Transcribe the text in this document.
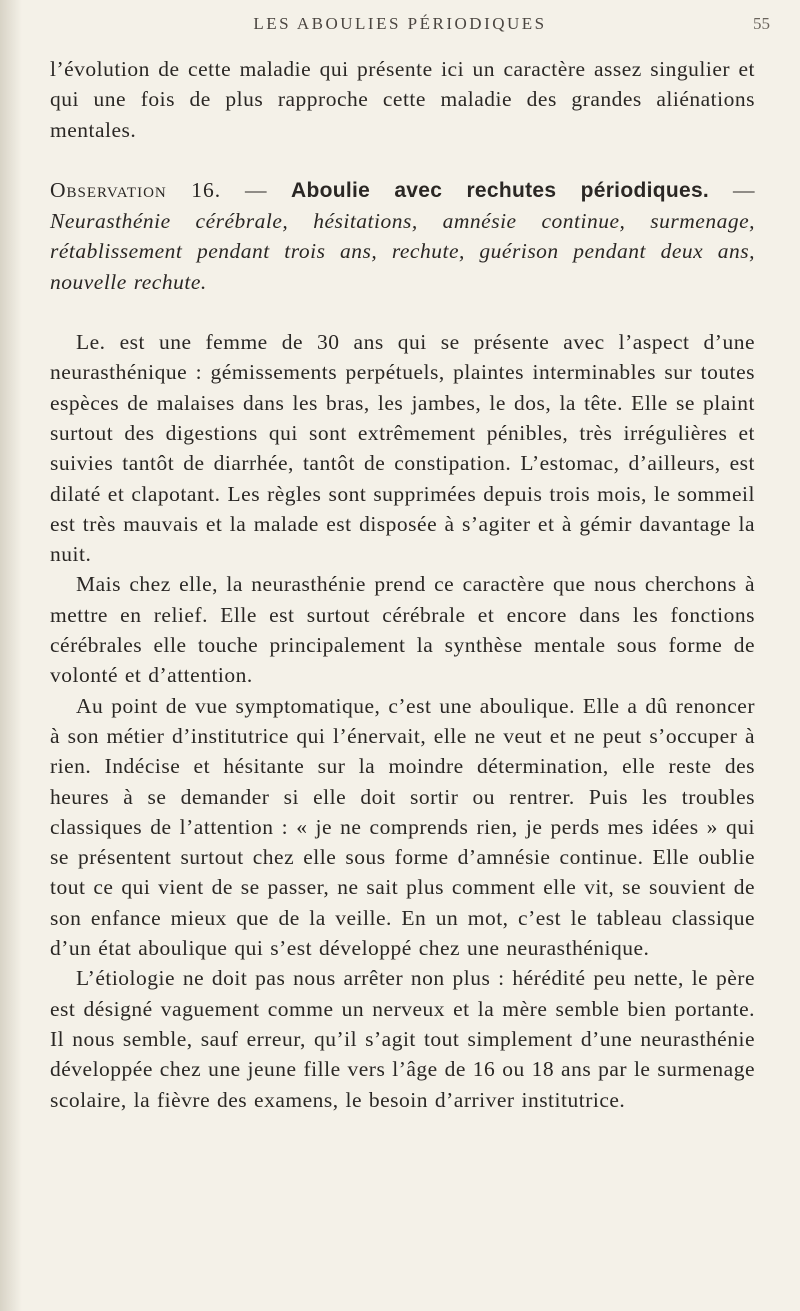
LES ABOULIES PÉRIODIQUES	55

l’évolution de cette maladie qui présente ici un caractère assez singulier et qui une fois de plus rapproche cette maladie des grandes aliénations mentales.

Observation 16. — Aboulie avec rechutes périodiques. — Neurasthénie cérébrale, hésitations, amnésie continue, surmenage, rétablissement pendant trois ans, rechute, guérison pendant deux ans, nouvelle rechute.

Le. est une femme de 30 ans qui se présente avec l’aspect d’une neurasthénique : gémissements perpétuels, plaintes interminables sur toutes espèces de malaises dans les bras, les jambes, le dos, la tête. Elle se plaint surtout des digestions qui sont extrêmement pénibles, très irrégulières et suivies tantôt de diarrhée, tantôt de constipation. L’estomac, d’ailleurs, est dilaté et clapotant. Les règles sont supprimées depuis trois mois, le sommeil est très mauvais et la malade est disposée à s’agiter et à gémir davantage la nuit.

Mais chez elle, la neurasthénie prend ce caractère que nous cherchons à mettre en relief. Elle est surtout cérébrale et encore dans les fonctions cérébrales elle touche principalement la synthèse mentale sous forme de volonté et d’attention.

Au point de vue symptomatique, c’est une aboulique. Elle a dû renoncer à son métier d’institutrice qui l’énervait, elle ne veut et ne peut s’occuper à rien. Indécise et hésitante sur la moindre détermination, elle reste des heures à se demander si elle doit sortir ou rentrer. Puis les troubles classiques de l’attention : « je ne comprends rien, je perds mes idées » qui se présentent surtout chez elle sous forme d’amnésie continue. Elle oublie tout ce qui vient de se passer, ne sait plus comment elle vit, se souvient de son enfance mieux que de la veille. En un mot, c’est le tableau classique d’un état aboulique qui s’est développé chez une neurasthénique.

L’étiologie ne doit pas nous arrêter non plus : hérédité peu nette, le père est désigné vaguement comme un nerveux et la mère semble bien portante. Il nous semble, sauf erreur, qu’il s’agit tout simplement d’une neurasthénie développée chez une jeune fille vers l’âge de 16 ou 18 ans par le surmenage scolaire, la fièvre des examens, le besoin d’arriver institutrice.
